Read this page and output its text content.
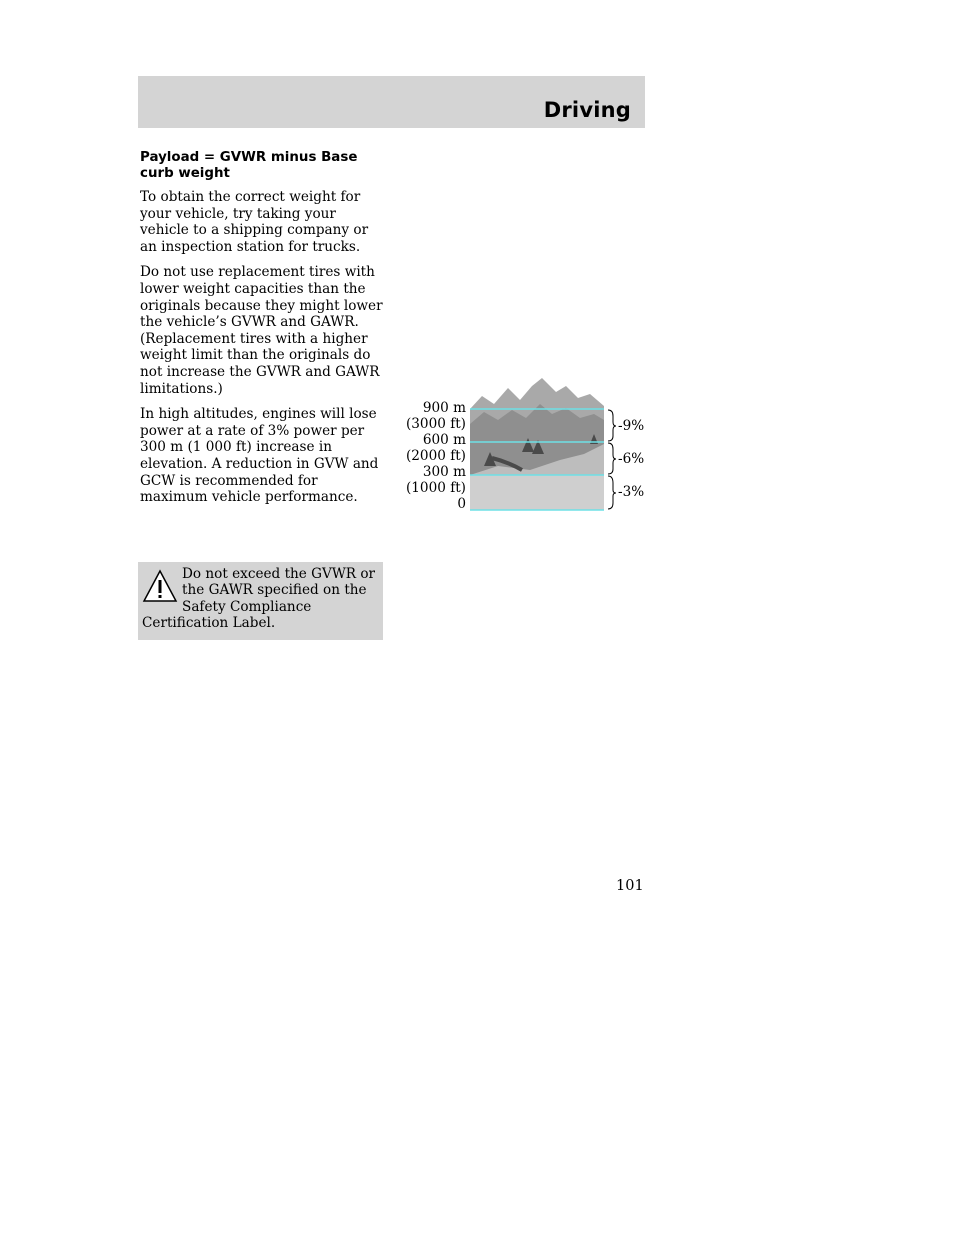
Driving

Payload = GVWR minus Base curb weight

To obtain the correct weight for your vehicle, try taking your vehicle to a shipping company or an inspection station for trucks.

Do not use replacement tires with lower weight capacities than the originals because they might lower the vehicle’s GVWR and GAWR. (Replacement tires with a higher weight limit than the originals do not increase the GVWR and GAWR limitations.)

In high altitudes, engines will lose power at a rate of 3% power per 300 m (1 000 ft) increase in elevation. A reduction in GVW and GCW is recommended for maximum vehicle performance.

Do not exceed the GVWR or the GAWR specified on the Safety Compliance Certification Label.
900 m
(3000 ft)
600 m
(2000 ft)
300 m
(1000 ft)
0
-9%
-6%
-3%
101
